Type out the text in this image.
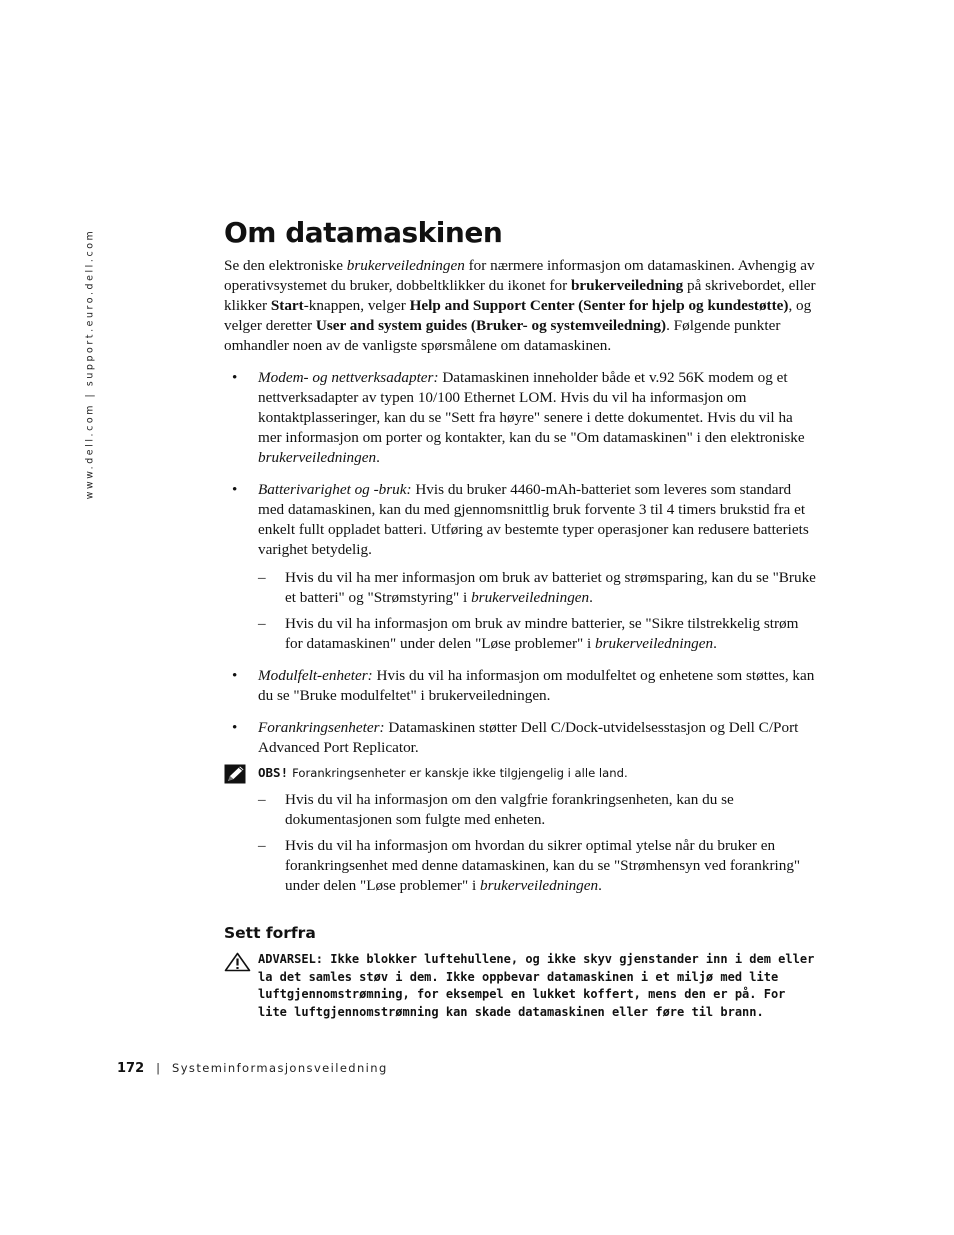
www.dell.com | support.euro.dell.com	Om datamaskinen

Se den elektroniske brukerveiledningen for nærmere informasjon om datamaskinen. Avhengig av operativsystemet du bruker, dobbeltklikker du ikonet for brukerveiledning på skrivebordet, eller klikker Start-knappen, velger Help and Support Center (Senter for hjelp og kundestøtte), og velger deretter User and system guides (Bruker- og systemveiledning). Følgende punkter omhandler noen av de vanligste spørsmålene om datamaskinen.

• Modem- og nettverksadapter: Datamaskinen inneholder både et v.92 56K modem og et nettverksadapter av typen 10/100 Ethernet LOM. Hvis du vil ha informasjon om kontaktplasseringer, kan du se "Sett fra høyre" senere i dette dokumentet. Hvis du vil ha mer informasjon om porter og kontakter, kan du se "Om datamaskinen" i den elektroniske brukerveiledningen.
• Batterivarighet og -bruk: Hvis du bruker 4460-mAh-batteriet som leveres som standard med datamaskinen, kan du med gjennomsnittlig bruk forvente 3 til 4 timers brukstid fra et enkelt fullt oppladet batteri. Utføring av bestemte typer operasjoner kan redusere batteriets varighet betydelig.
– Hvis du vil ha mer informasjon om bruk av batteriet og strømsparing, kan du se "Bruke et batteri" og "Strømstyring" i brukerveiledningen.
– Hvis du vil ha informasjon om bruk av mindre batterier, se "Sikre tilstrekkelig strøm for datamaskinen" under delen "Løse problemer" i brukerveiledningen.
• Modulfelt-enheter: Hvis du vil ha informasjon om modulfeltet og enhetene som støttes, kan du se "Bruke modulfeltet" i brukerveiledningen.
• Forankringsenheter: Datamaskinen støtter Dell C/Dock-utvidelsesstasjon og Dell C/Port Advanced Port Replicator.
OBS! Forankringsenheter er kanskje ikke tilgjengelig i alle land.
– Hvis du vil ha informasjon om den valgfrie forankringsenheten, kan du se dokumentasjonen som fulgte med enheten.
– Hvis du vil ha informasjon om hvordan du sikrer optimal ytelse når du bruker en forankringsenhet med denne datamaskinen, kan du se "Strømhensyn ved forankring" under delen "Løse problemer" i brukerveiledningen.
Sett forfra
ADVARSEL: Ikke blokker luftehullene, og ikke skyv gjenstander inn i dem eller la det samles støv i dem. Ikke oppbevar datamaskinen i et miljø med lite luftgjennomstrømning, for eksempel en lukket koffert, mens den er på. For lite luftgjennomstrømning kan skade datamaskinen eller føre til brann.
172 | Systeminformasjonsveiledning
